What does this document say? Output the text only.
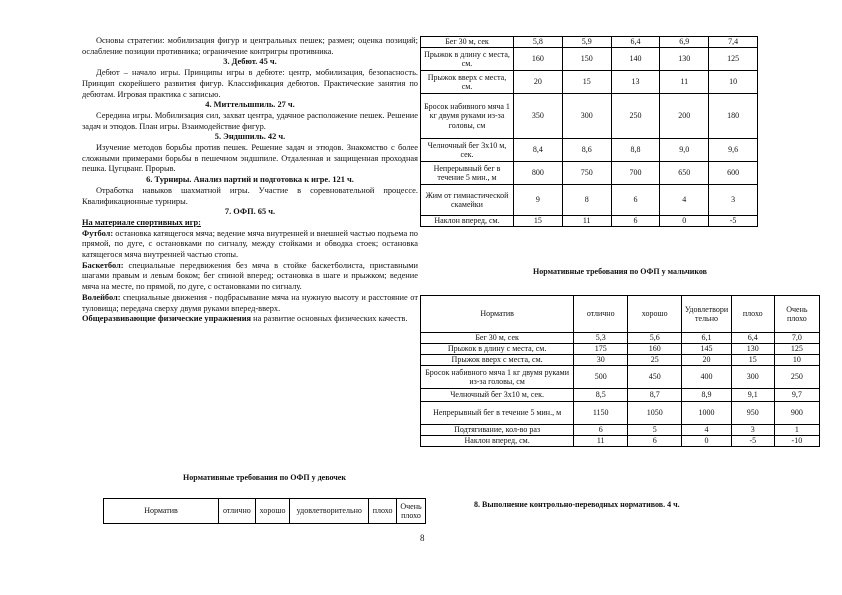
Основы стратегии: мобилизация фигур и центральных пешек; размен; оценка позиций; ослабление позиции противника; ограничение контригры противника.

3. Дебют. 45 ч.

Дебют – начало игры. Принципы игры в дебюте: центр, мобилизация, безопасность. Принцип скорейшего развития фигур. Классификация дебютов. Практические занятия по дебютам. Игровая практика с записью.

4. Миттельшпиль. 27 ч.

Середина игры. Мобилизация сил, захват центра, удачное расположение пешек. Решение задач и этюдов. План игры. Взаимодействие фигур.

5. Эндшпиль. 42 ч.

Изучение методов борьбы против пешек. Решение задач и этюдов. Знакомство с более сложными примерами борьбы в пешечном эндшпиле. Отдаленная и защищенная проходная пешка. Цугцванг. Прорыв.

6. Турниры. Анализ партий и подготовка к игре. 121 ч.

Отработка навыков шахматной игры. Участие в соревновательной процессе. Квалификационные турниры.

7. ОФП. 65 ч.

На материале спортивных игр:

Футбол: остановка катящегося мяча; ведение мяча внутренней и внешней частью подъема по прямой, по дуге, с остановками по сигналу, между стойками и обводка стоек; остановка катящегося мяча внутренней частью стопы.

Баскетбол: специальные передвижения без мяча в стойке баскетболиста, приставными шагами правым и левым боком; бег спиной вперед; остановка в шаге и прыжком; ведение мяча на месте, по прямой, по дуге, с остановками по сигналу.

Волейбол: специальные движения - подбрасывание мяча на нужную высоту и расстояние от туловища; передача сверху двумя руками вперед-вверх.

Общеразвивающие физические упражнения на развитие основных физических качеств.

Бег 30 м, сек	5,8	5,9	6,4	6,9	7,4
Прыжок в длину с места, см.	160	150	140	130	125
Прыжок вверх с места, см.	20	15	13	11	10
Бросок набивного мяча 1 кг двумя руками из-за головы, см	350	300	250	200	180
Челночный бег 3х10 м, сек.	8,4	8,6	8,8	9,0	9,6
Непрерывный бег в течение 5 мин., м	800	750	700	650	600
Жим от гимнастической скамейки	9	8	6	4	3
Наклон вперед, см.	15	11	6	0	-5
Нормативные требования по ОФП у мальчиков
Норматив	отлично	хорошо	Удовлетворительно	плохо	Очень плохо
Бег 30 м, сек	5,3	5,6	6,1	6,4	7,0
Прыжок в длину с места, см.	175	160	145	130	125
Прыжок вверх с места, см.	30	25	20	15	10
Бросок набивного мяча 1 кг двумя руками из-за головы, см	500	450	400	300	250
Челночный бег 3х10 м, сек.	8,5	8,7	8,9	9,1	9,7
Непрерывный бег в течение 5 мин., м	1150	1050	1000	950	900
Подтягивание, кол-во раз	6	5	4	3	1
Наклон вперед, см.	11	6	0	-5	-10
Нормативные требования по ОФП у девочек
Норматив	отлично	хорошо	удовлетворительно	плохо	Очень плохо
8
8. Выполнение контрольно-переводных нормативов. 4 ч.
